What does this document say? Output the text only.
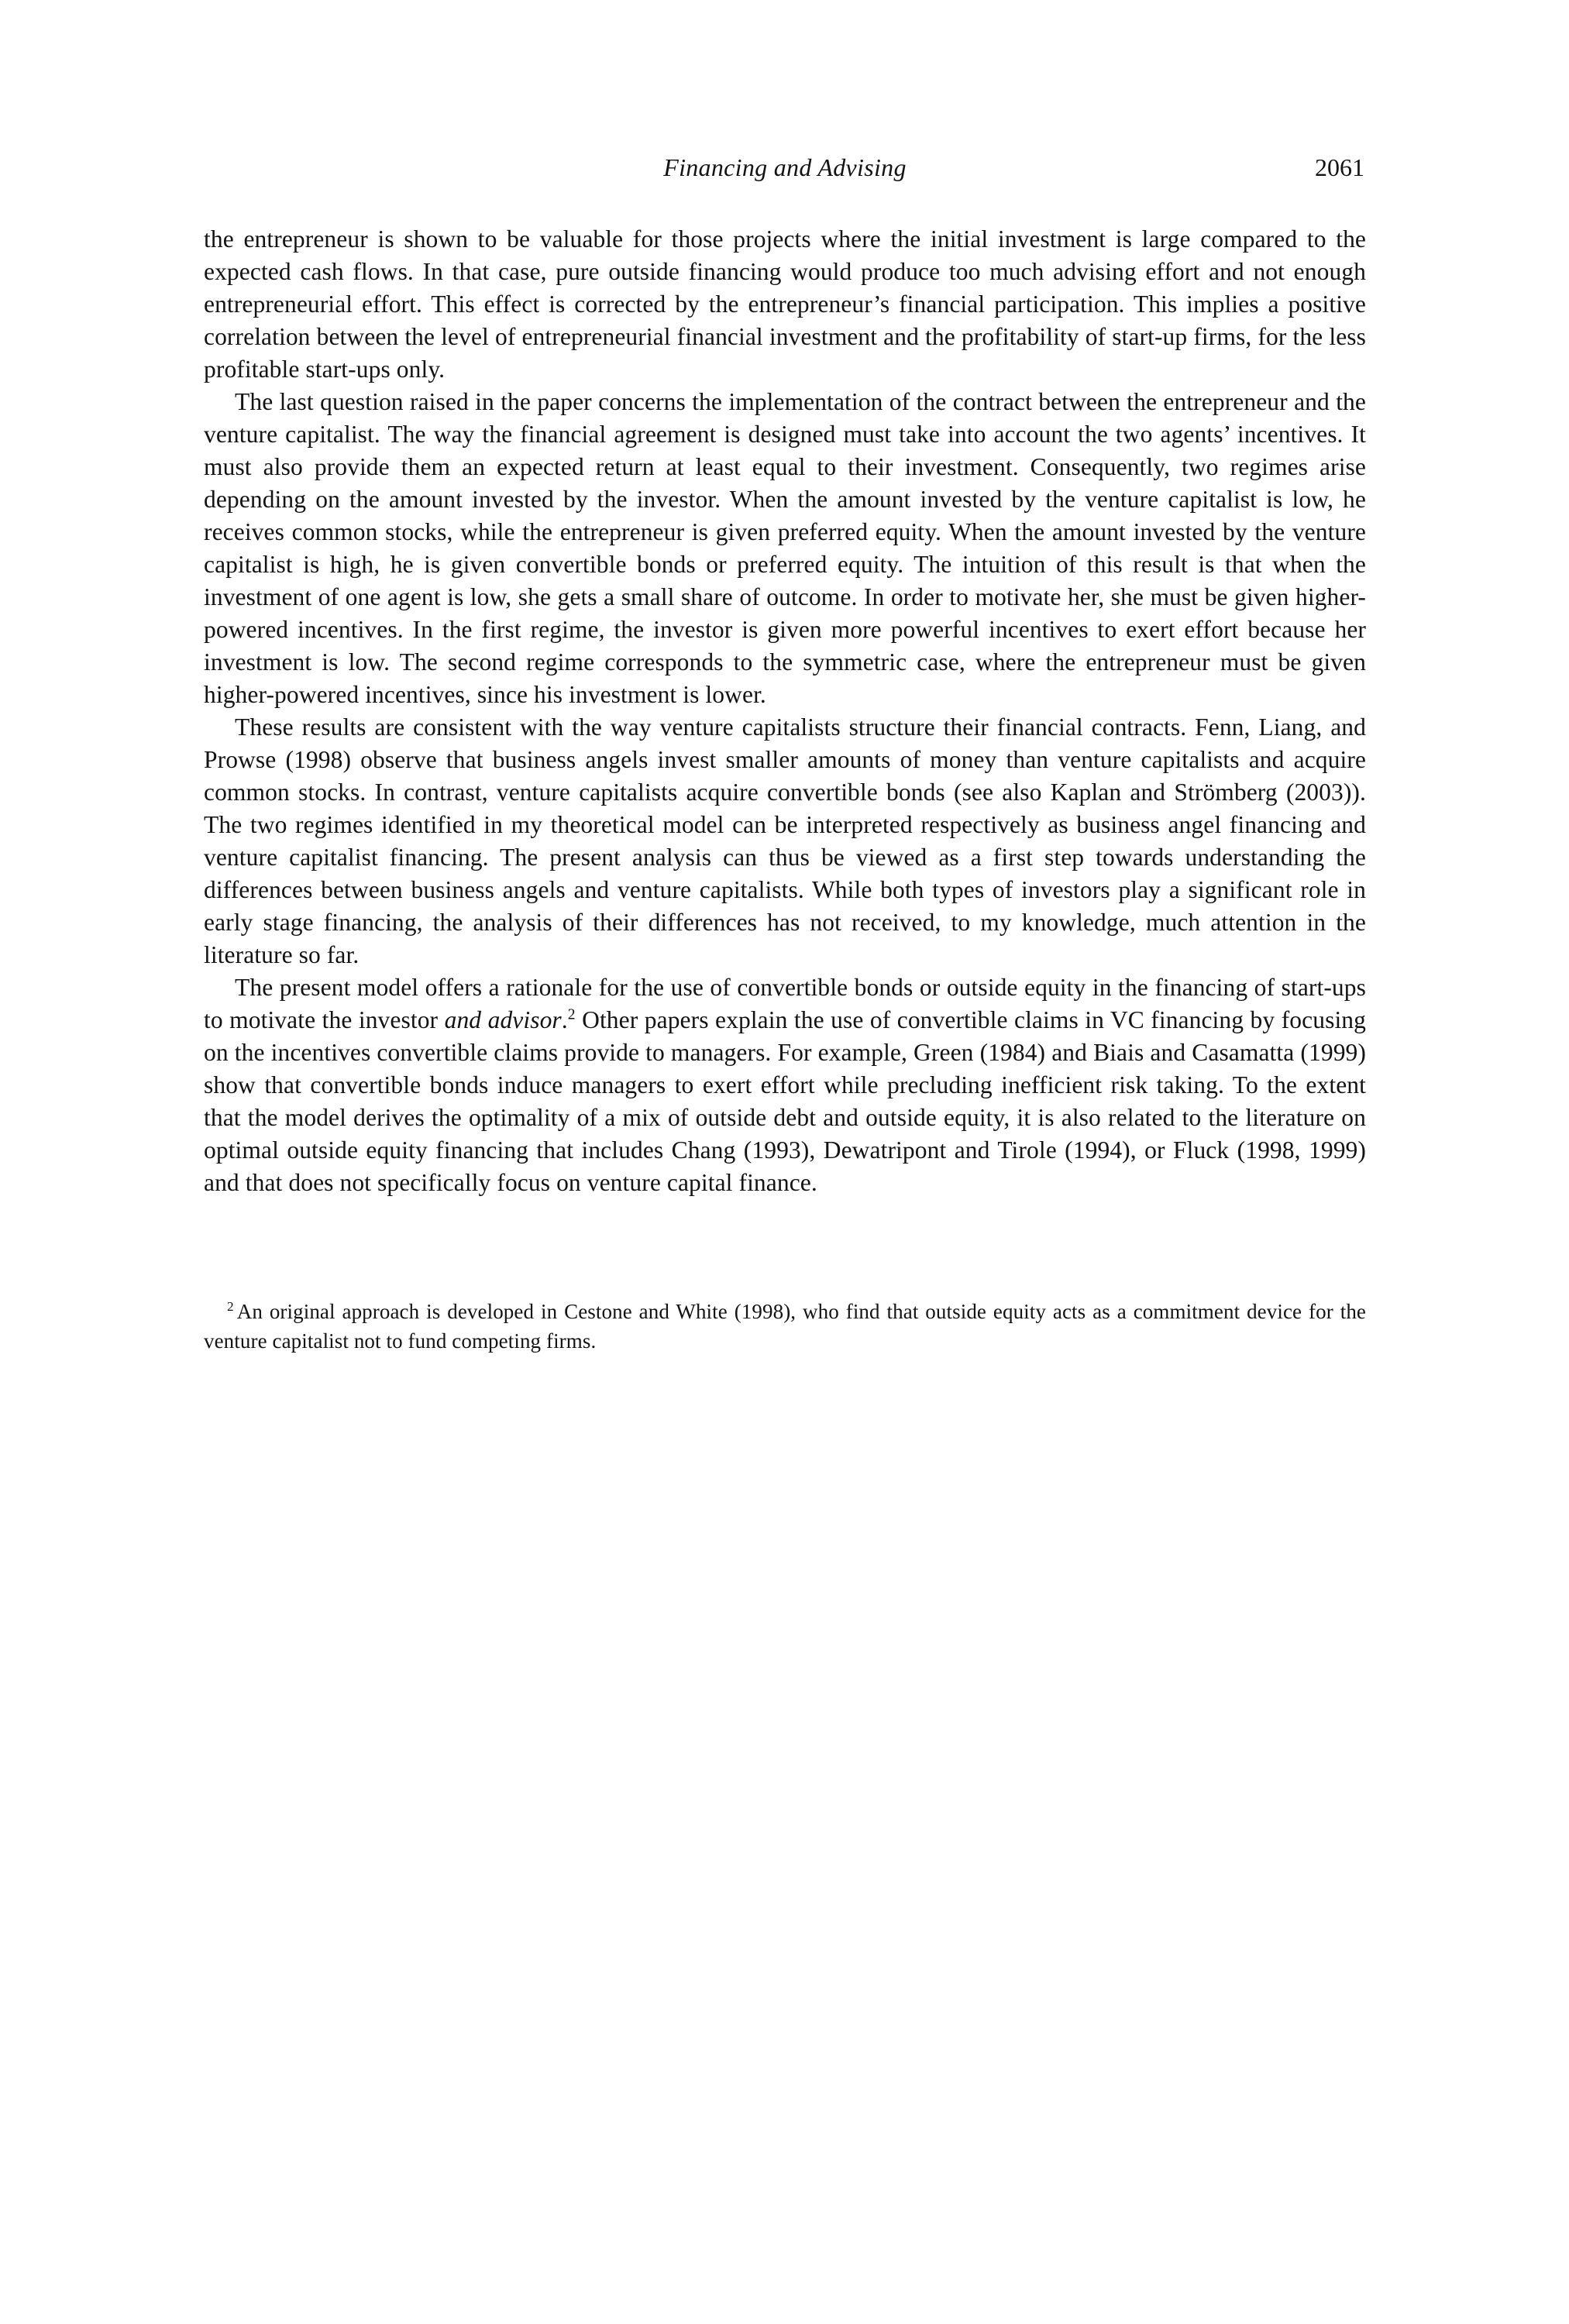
Financing and Advising	2061

the entrepreneur is shown to be valuable for those projects where the initial investment is large compared to the expected cash flows. In that case, pure outside financing would produce too much advising effort and not enough entrepreneurial effort. This effect is corrected by the entrepreneur’s financial participation. This implies a positive correlation between the level of entrepreneurial financial investment and the profitability of start-up firms, for the less profitable start-ups only.

The last question raised in the paper concerns the implementation of the contract between the entrepreneur and the venture capitalist. The way the financial agreement is designed must take into account the two agents’ incentives. It must also provide them an expected return at least equal to their investment. Consequently, two regimes arise depending on the amount invested by the investor. When the amount invested by the venture capitalist is low, he receives common stocks, while the entrepreneur is given preferred equity. When the amount invested by the venture capitalist is high, he is given convertible bonds or preferred equity. The intuition of this result is that when the investment of one agent is low, she gets a small share of outcome. In order to motivate her, she must be given higher-powered incentives. In the first regime, the investor is given more powerful incentives to exert effort because her investment is low. The second regime corresponds to the symmetric case, where the entrepreneur must be given higher-powered incentives, since his investment is lower.

These results are consistent with the way venture capitalists structure their financial contracts. Fenn, Liang, and Prowse (1998) observe that business angels invest smaller amounts of money than venture capitalists and acquire common stocks. In contrast, venture capitalists acquire convertible bonds (see also Kaplan and Strömberg (2003)). The two regimes identified in my theoretical model can be interpreted respectively as business angel financing and venture capitalist financing. The present analysis can thus be viewed as a first step towards understanding the differences between business angels and venture capitalists. While both types of investors play a significant role in early stage financing, the analysis of their differences has not received, to my knowledge, much attention in the literature so far.

The present model offers a rationale for the use of convertible bonds or outside equity in the financing of start-ups to motivate the investor and advisor.$^2$ Other papers explain the use of convertible claims in VC financing by focusing on the incentives convertible claims provide to managers. For example, Green (1984) and Biais and Casamatta (1999) show that convertible bonds induce managers to exert effort while precluding inefficient risk taking. To the extent that the model derives the optimality of a mix of outside debt and outside equity, it is also related to the literature on optimal outside equity financing that includes Chang (1993), Dewatripont and Tirole (1994), or Fluck (1998, 1999) and that does not specifically focus on venture capital finance.

$^2$ An original approach is developed in Cestone and White (1998), who find that outside equity acts as a commitment device for the venture capitalist not to fund competing firms.
